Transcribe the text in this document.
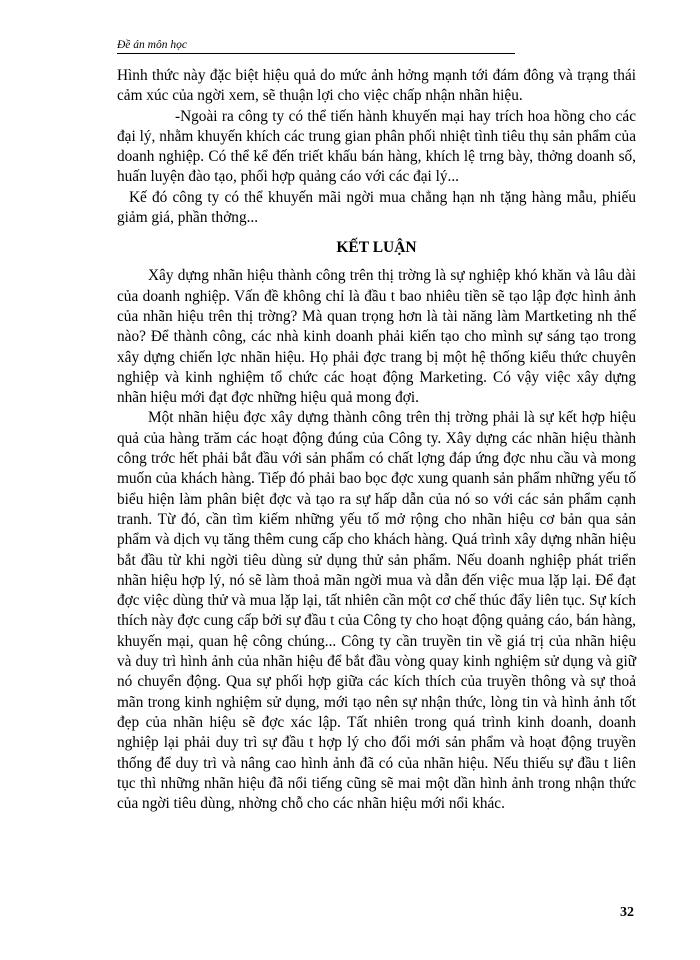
Đề án môn học

Hình thức này đặc biệt hiệu quả do mức ảnh hởng mạnh tới đám đông và trạng thái cảm xúc của ngời xem, sẽ thuận lợi cho việc chấp nhận nhãn hiệu.

-Ngoài ra công ty có thể tiến hành khuyến mại hay trích hoa hồng cho các đại lý, nhằm khuyến khích các trung gian phân phối nhiệt tình tiêu thụ sản phẩm của doanh nghiệp. Có thể kể đến triết khấu bán hàng, khích lệ trng bày, thởng doanh số, huấn luyện đào tạo, phối hợp quảng cáo với các đại lý...

Kế đó công ty có thể khuyến mãi ngời mua chẳng hạn nh tặng hàng mẫu, phiếu giảm giá, phần thởng...

KẾT LUẬN

Xây dựng nhãn hiệu thành công trên thị trờng là sự nghiệp khó khăn và lâu dài của doanh nghiệp. Vấn đề không chỉ là đầu t bao nhiêu tiền sẽ tạo lập đợc hình ảnh của nhãn hiệu trên thị trờng? Mà quan trọng hơn là tài năng làm Martketing nh thế nào? Để thành công, các nhà kinh doanh phải kiến tạo cho mình sự sáng tạo trong xây dựng chiến lợc nhãn hiệu. Họ phải đợc trang bị một hệ thống kiểu thức chuyên nghiệp và kinh nghiệm tổ chức các hoạt động Marketing. Có vậy việc xây dựng nhãn hiệu mới đạt đợc những hiệu quả mong đợi.

Một nhãn hiệu đợc xây dựng thành công trên thị trờng phải là sự kết hợp hiệu quả của hàng trăm các hoạt động đúng của Công ty. Xây dựng các nhãn hiệu thành công trớc hết phải bắt đầu với sản phẩm có chất lợng đáp ứng đợc nhu cầu và mong muốn của khách hàng. Tiếp đó phải bao bọc đợc xung quanh sản phẩm những yếu tố biểu hiện làm phân biệt đợc và tạo ra sự hấp dẫn của nó so với các sản phẩm cạnh tranh. Từ đó, cần tìm kiếm những yếu tố mở rộng cho nhãn hiệu cơ bản qua sản phẩm và dịch vụ tăng thêm cung cấp cho khách hàng. Quá trình xây dựng nhãn hiệu bắt đầu từ khi ngời tiêu dùng sử dụng thử sản phẩm. Nếu doanh nghiệp phát triển nhãn hiệu hợp lý, nó sẽ làm thoả mãn ngời mua và dẫn đến việc mua lặp lại. Để đạt đợc việc dùng thử và mua lặp lại, tất nhiên cần một cơ chế thúc đẩy liên tục. Sự kích thích này đợc cung cấp bởi sự đầu t của Công ty cho hoạt động quảng cáo, bán hàng, khuyến mại, quan hệ công chúng... Công ty cần truyền tin về giá trị của nhãn hiệu và duy trì hình ảnh của nhãn hiệu để bắt đầu vòng quay kinh nghiệm sử dụng và giữ nó chuyển động. Qua sự phối hợp giữa các kích thích của truyền thông và sự thoả mãn trong kinh nghiệm sử dụng, mới tạo nên sự nhận thức, lòng tin và hình ảnh tốt đẹp của nhãn hiệu sẽ đợc xác lập. Tất nhiên trong quá trình kinh doanh, doanh nghiệp lại phải duy trì sự đầu t hợp lý cho đổi mới sản phẩm và hoạt động truyền thống để duy trì và nâng cao hình ảnh đã có của nhãn hiệu. Nếu thiếu sự đầu t liên tục thì những nhãn hiệu đã nổi tiếng cũng sẽ mai một dần hình ảnh trong nhận thức của ngời tiêu dùng, nhờng chỗ cho các nhãn hiệu mới nổi khác.

32
